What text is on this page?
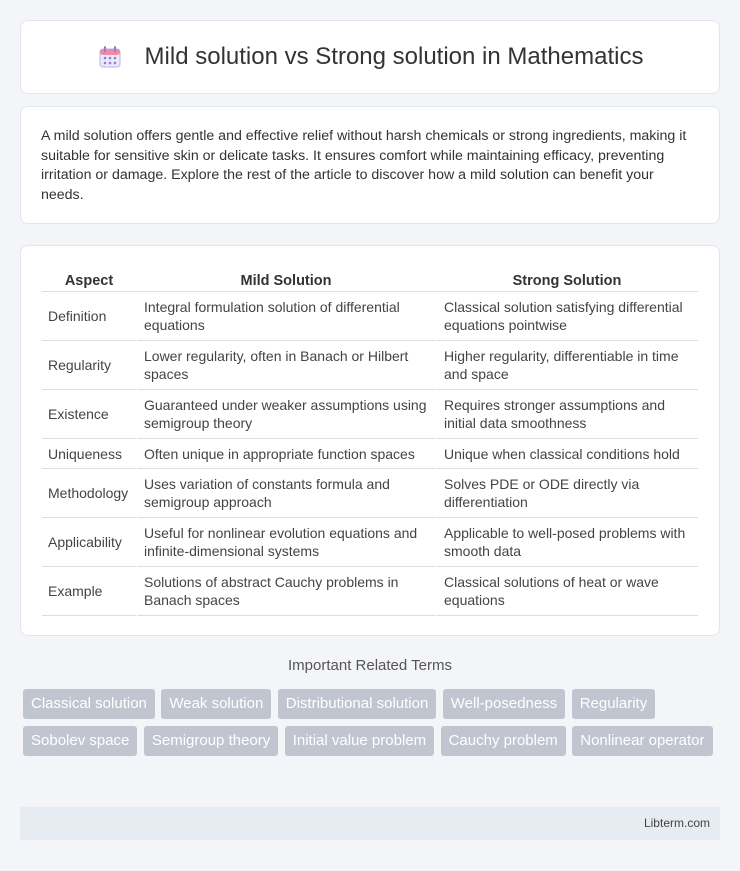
Mild solution vs Strong solution in Mathematics

A mild solution offers gentle and effective relief without harsh chemicals or strong ingredients, making it suitable for sensitive skin or delicate tasks. It ensures comfort while maintaining efficacy, preventing irritation or damage. Explore the rest of the article to discover how a mild solution can benefit your needs.

Aspect	Mild Solution	Strong Solution
Definition	Integral formulation solution of differential equations	Classical solution satisfying differential equations pointwise
Regularity	Lower regularity, often in Banach or Hilbert spaces	Higher regularity, differentiable in time and space
Existence	Guaranteed under weaker assumptions using semigroup theory	Requires stronger assumptions and initial data smoothness
Uniqueness	Often unique in appropriate function spaces	Unique when classical conditions hold
Methodology	Uses variation of constants formula and semigroup approach	Solves PDE or ODE directly via differentiation
Applicability	Useful for nonlinear evolution equations and infinite-dimensional systems	Applicable to well-posed problems with smooth data
Example	Solutions of abstract Cauchy problems in Banach spaces	Classical solutions of heat or wave equations
Important Related Terms
Classical solution Weak solution Distributional solution Well-posedness Regularity Sobolev space Semigroup theory Initial value problem Cauchy problem Nonlinear operator
Libterm.com
